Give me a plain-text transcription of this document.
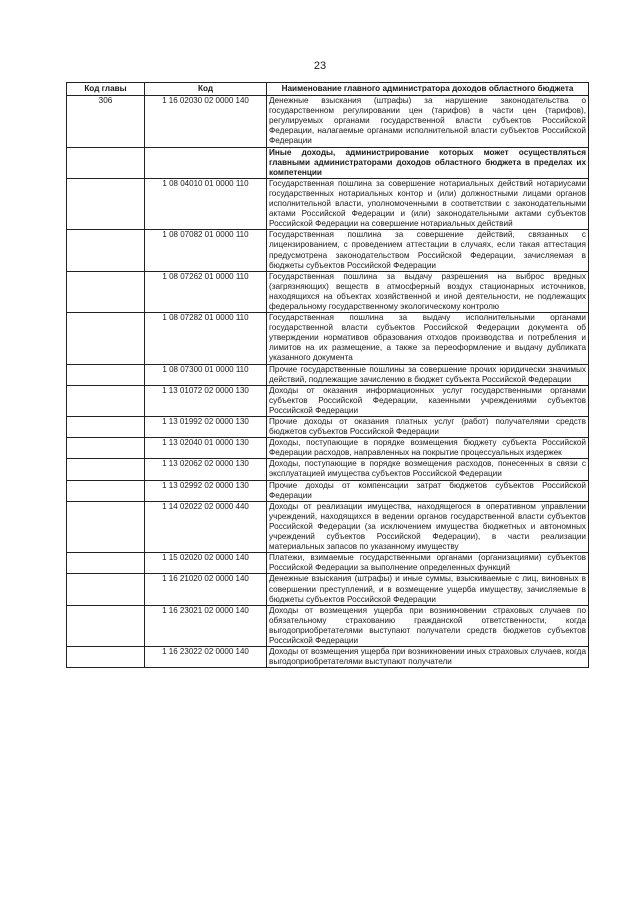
23
Код главы	Код	Наименование главного администратора доходов областного бюджета
306	1 16 02030 02 0000 140	Денежные взыскания (штрафы) за нарушение законодательства о государственном регулировании цен (тарифов) в части цен (тарифов), регулируемых органами государственной власти субъектов Российской Федерации, налагаемые органами исполнительной власти субъектов Российской Федерации
		Иные доходы, администрирование которых может осуществляться главными администраторами доходов областного бюджета в пределах их компетенции
	1 08 04010 01 0000 110	Государственная пошлина за совершение нотариальных действий нотариусами государственных нотариальных контор и (или) должностными лицами органов исполнительной власти, уполномоченными в соответствии с законодательными актами Российской Федерации и (или) законодательными актами субъектов Российской Федерации на совершение нотариальных действий
	1 08 07082 01 0000 110	Государственная пошлина за совершение действий, связанных с лицензированием, с проведением аттестации в случаях, если такая аттестация предусмотрена законодательством Российской Федерации, зачисляемая в бюджеты субъектов Российской Федерации
	1 08 07262 01 0000 110	Государственная пошлина за выдачу разрешения на выброс вредных (загрязняющих) веществ в атмосферный воздух стационарных источников, находящихся на объектах хозяйственной и иной деятельности, не подлежащих федеральному государственному экологическому контролю
	1 08 07282 01 0000 110	Государственная пошлина за выдачу исполнительными органами государственной власти субъектов Российской Федерации документа об утверждении нормативов образования отходов производства и потребления и лимитов на их размещение, а также за переоформление и выдачу дубликата указанного документа
	1 08 07300 01 0000 110	Прочие государственные пошлины за совершение прочих юридически значимых действий, подлежащие зачислению в бюджет субъекта Российской Федерации
	1 13 01072 02 0000 130	Доходы от оказания информационных услуг государственными органами субъектов Российской Федерации, казенными учреждениями субъектов Российской Федерации
	1 13 01992 02 0000 130	Прочие доходы от оказания платных услуг (работ) получателями средств бюджетов субъектов Российской Федерации
	1 13 02040 01 0000 130	Доходы, поступающие в порядке возмещения бюджету субъекта Российской Федерации расходов, направленных на покрытие процессуальных издержек
	1 13 02062 02 0000 130	Доходы, поступающие в порядке возмещения расходов, понесенных в связи с эксплуатацией имущества субъектов Российской Федерации
	1 13 02992 02 0000 130	Прочие доходы от компенсации затрат бюджетов субъектов Российской Федерации
	1 14 02022 02 0000 440	Доходы от реализации имущества, находящегося в оперативном управлении учреждений, находящихся в ведении органов государственной власти субъектов Российской Федерации (за исключением имущества бюджетных и автономных учреждений субъектов Российской Федерации), в части реализации материальных запасов по указанному имуществу
	1 15 02020 02 0000 140	Платежи, взимаемые государственными органами (организациями) субъектов Российской Федерации за выполнение определенных функций
	1 16 21020 02 0000 140	Денежные взыскания (штрафы) и иные суммы, взыскиваемые с лиц, виновных в совершении преступлений, и в возмещение ущерба имуществу, зачисляемые в бюджеты субъектов Российской Федерации
	1 16 23021 02 0000 140	Доходы от возмещения ущерба при возникновении страховых случаев по обязательному страхованию гражданской ответственности, когда выгодоприобретателями выступают получатели средств бюджетов субъектов Российской Федерации
	1 16 23022 02 0000 140	Доходы от возмещения ущерба при возникновении иных страховых случаев, когда выгодоприобретателями выступают получатели
